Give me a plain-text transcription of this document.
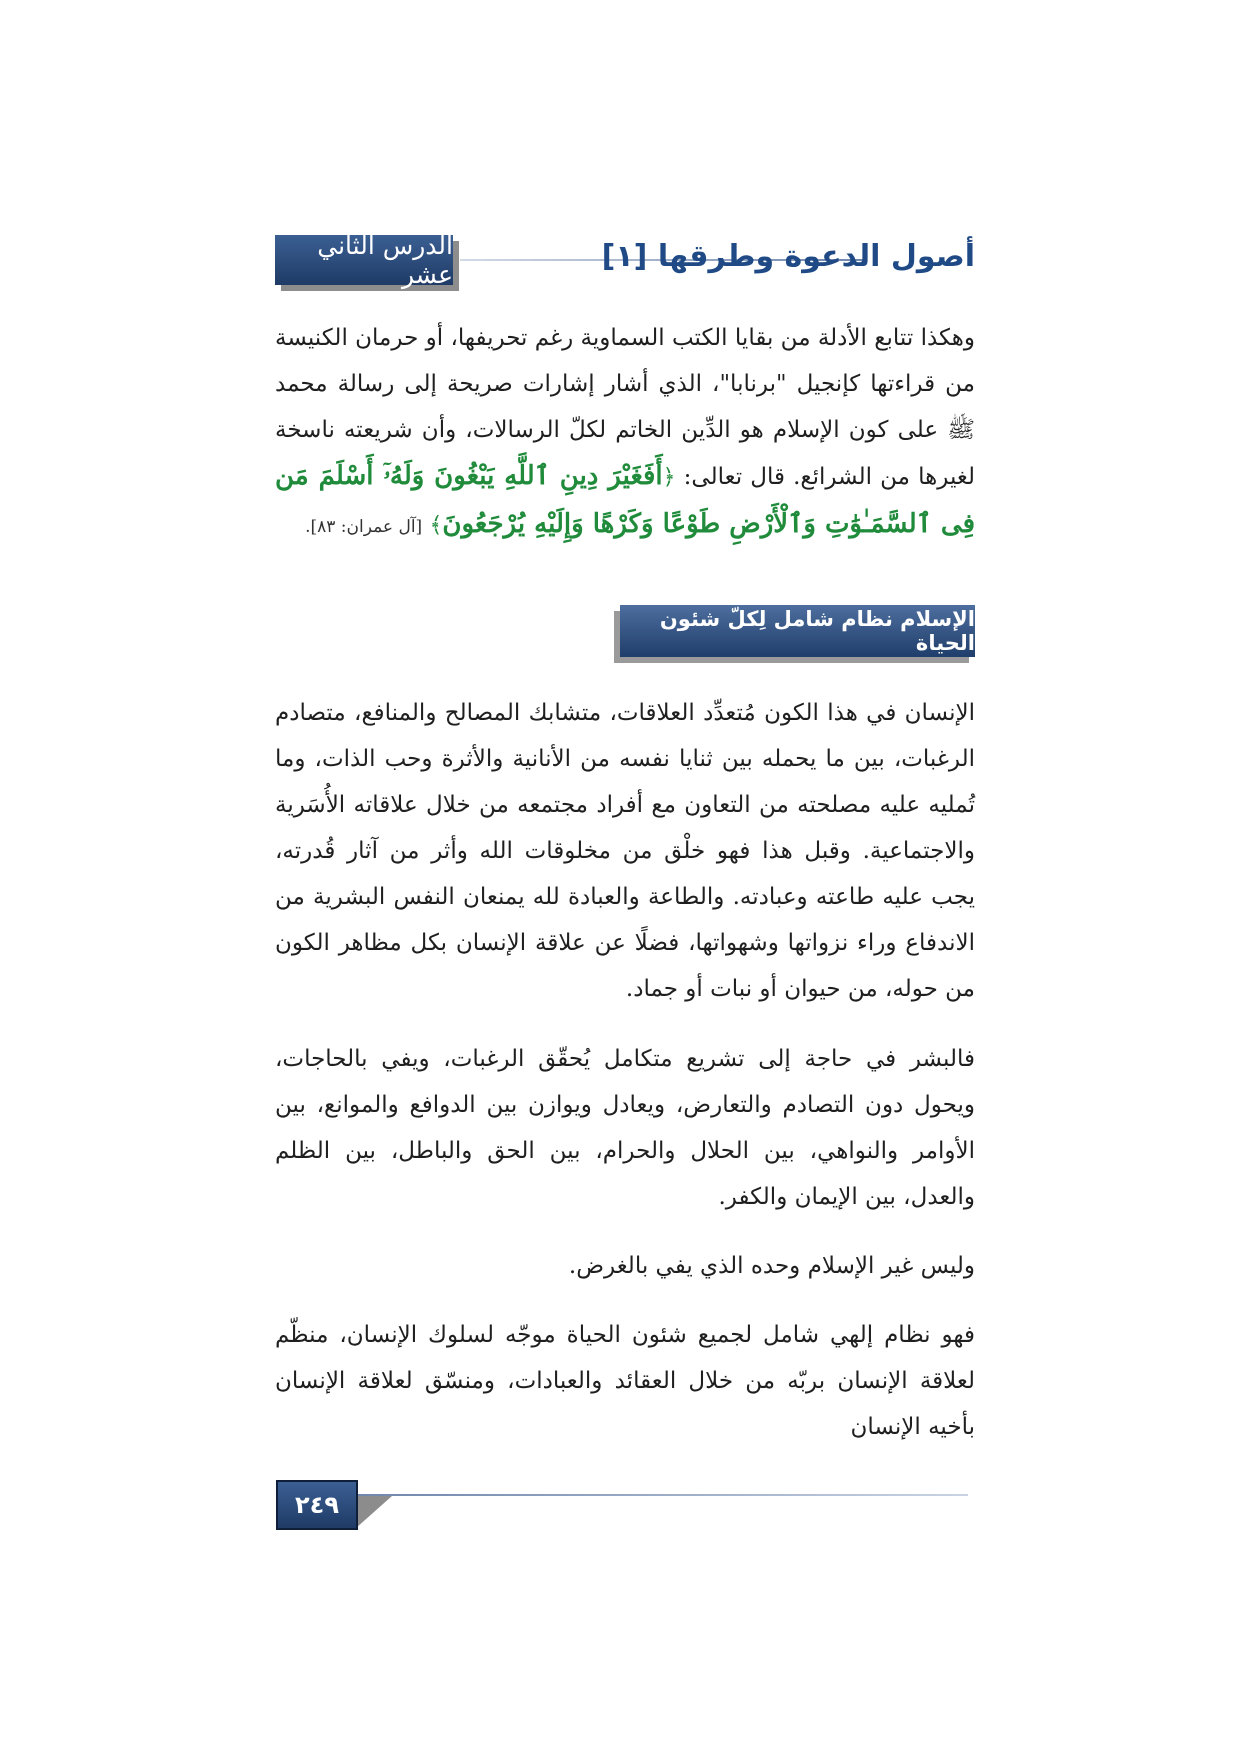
الدرس الثاني عشر
أصول الدعوة وطرقها [١]
وهكذا تتابع الأدلة من بقايا الكتب السماوية رغم تحريفها، أو حرمان الكنيسة من قراءتها كإنجيل "برنابا"، الذي أشار إشارات صريحة إلى رسالة محمد ﷺ على كون الإسلام هو الدِّين الخاتم لكلّ الرسالات، وأن شريعته ناسخة لغيرها من الشرائع. قال تعالى: ﴿أَفَغَيْرَ دِينِ ٱللَّهِ يَبْغُونَ وَلَهُۥٓ أَسْلَمَ مَن فِى ٱلسَّمَـٰوَٰتِ وَٱلْأَرْضِ طَوْعًا وَكَرْهًا وَإِلَيْهِ يُرْجَعُونَ﴾ [آل عمران: ٨٣].
الإسلام نظام شامل لِكلّ شئون الحياة
الإنسان في هذا الكون مُتعدِّد العلاقات، متشابك المصالح والمنافع، متصادم الرغبات، بين ما يحمله بين ثنايا نفسه من الأنانية والأثرة وحب الذات، وما تُمليه عليه مصلحته من التعاون مع أفراد مجتمعه من خلال علاقاته الأُسَرية والاجتماعية. وقبل هذا فهو خلْق من مخلوقات الله وأثر من آثار قُدرته، يجب عليه طاعته وعبادته. والطاعة والعبادة لله يمنعان النفس البشرية من الاندفاع وراء نزواتها وشهواتها، فضلًا عن علاقة الإنسان بكل مظاهر الكون من حوله، من حيوان أو نبات أو جماد.
فالبشر في حاجة إلى تشريع متكامل يُحقّق الرغبات، ويفي بالحاجات، ويحول دون التصادم والتعارض، ويعادل ويوازن بين الدوافع والموانع، بين الأوامر والنواهي، بين الحلال والحرام، بين الحق والباطل، بين الظلم والعدل، بين الإيمان والكفر.
وليس غير الإسلام وحده الذي يفي بالغرض.
فهو نظام إلهي شامل لجميع شئون الحياة موجّه لسلوك الإنسان، منظّم لعلاقة الإنسان بربّه من خلال العقائد والعبادات، ومنسّق لعلاقة الإنسان بأخيه الإنسان
٢٤٩
